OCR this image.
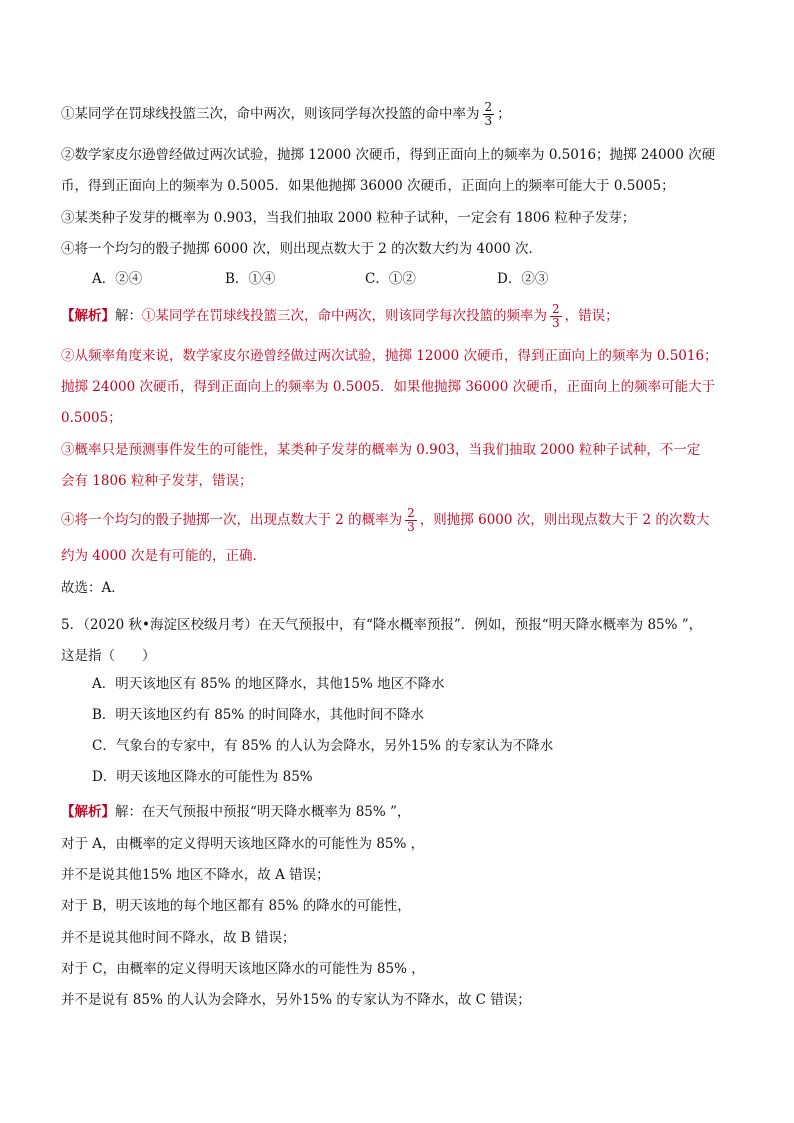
①某同学在罚球线投篮三次，命中两次，则该同学每次投篮的命中率为 $\frac{2}{3}$ ；
②数学家皮尔逊曾经做过两次试验，抛掷 12000 次硬币，得到正面向上的频率为 0.5016；抛掷 24000 次硬
币，得到正面向上的频率为 0.5005．如果他抛掷 36000 次硬币，正面向上的频率可能大于 0.5005；
③某类种子发芽的概率为 0.903，当我们抽取 2000 粒种子试种，一定会有 1806 粒种子发芽；
④将一个均匀的骰子抛掷 6000 次，则出现点数大于 2 的次数大约为 4000 次．
A．②④	B．①④	C．①②	D．②③
【解析】 解： ①某同学在罚球线投篮三次，命中两次，则该同学每次投篮的频率为 $\frac{2}{3}$ ，错误；
②从频率角度来说，数学家皮尔逊曾经做过两次试验，抛掷 12000 次硬币，得到正面向上的频率为 0.5016；
抛掷 24000 次硬币，得到正面向上的频率为 0.5005．如果他抛掷 36000 次硬币，正面向上的频率可能大于
0.5005；
③概率只是预测事件发生的可能性，某类种子发芽的概率为 0.903，当我们抽取 2000 粒种子试种，不一定
会有 1806 粒种子发芽，错误；
④将一个均匀的骰子抛掷一次，出现点数大于 2 的概率为 $\frac{2}{3}$ ，则抛掷 6000 次，则出现点数大于 2 的次数大
约为 4000 次是有可能的，正确．
故选：A．
5．（2020 秋•海淀区校级月考）在天气预报中，有“降水概率预报”．例如，预报“明天降水概率为 85% ”，
这是指（　　）
A．明天该地区有 85% 的地区降水，其他15% 地区不降水
B．明天该地区约有 85% 的时间降水，其他时间不降水
C．气象台的专家中，有 85% 的人认为会降水，另外15% 的专家认为不降水
D．明天该地区降水的可能性为 85%
【解析】 解：在天气预报中预报“明天降水概率为 85% ”，
对于 A，由概率的定义得明天该地区降水的可能性为 85% ，
并不是说其他15% 地区不降水，故 A 错误；
对于 B，明天该地的每个地区都有 85% 的降水的可能性，
并不是说其他时间不降水，故 B 错误；
对于 C，由概率的定义得明天该地区降水的可能性为 85% ，
并不是说有 85% 的人认为会降水，另外15% 的专家认为不降水，故 C 错误；
